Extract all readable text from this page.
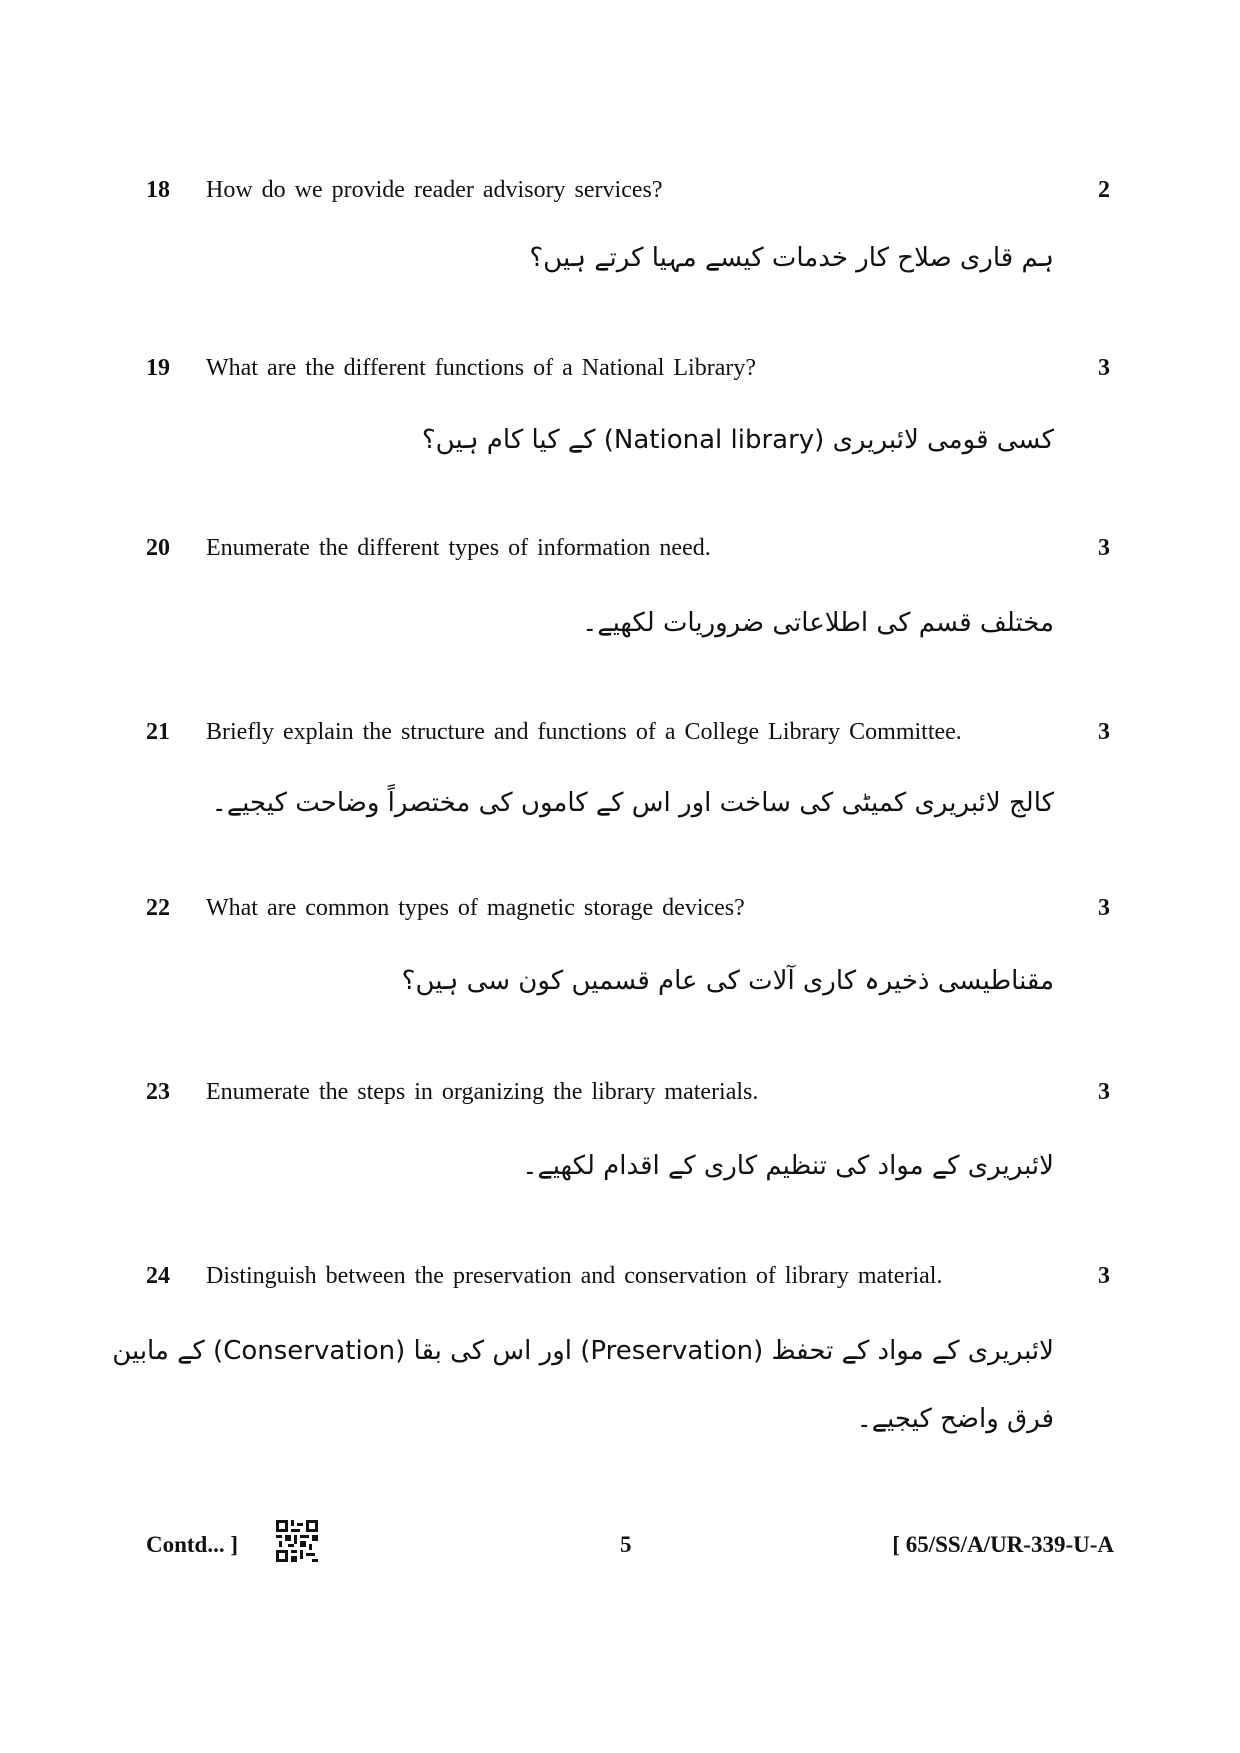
18 How do we provide reader advisory services?	2
ہم قاری صلاح کار خدمات کیسے مہیا کرتے ہیں؟
19 What are the different functions of a National Library?	3
کسی قومی لائبریری (National library) کے کیا کام ہیں؟
20 Enumerate the different types of information need.	3
مختلف قسم کی اطلاعاتی ضروریات لکھیے۔
21 Briefly explain the structure and functions of a College Library Committee.	3
کالج لائبریری کمیٹی کی ساخت اور اس کے کاموں کی مختصراً وضاحت کیجیے۔
22 What are common types of magnetic storage devices?	3
مقناطیسی ذخیرہ کاری آلات کی عام قسمیں کون سی ہیں؟
23 Enumerate the steps in organizing the library materials.	3
لائبریری کے مواد کی تنظیم کاری کے اقدام لکھیے۔
24 Distinguish between the preservation and conservation of library material.	3
لائبریری کے مواد کے تحفظ (Preservation) اور اس کی بقا (Conservation) کے مابین
فرق واضح کیجیے۔
Contd... ]	5	[ 65/SS/A/UR-339-U-A
